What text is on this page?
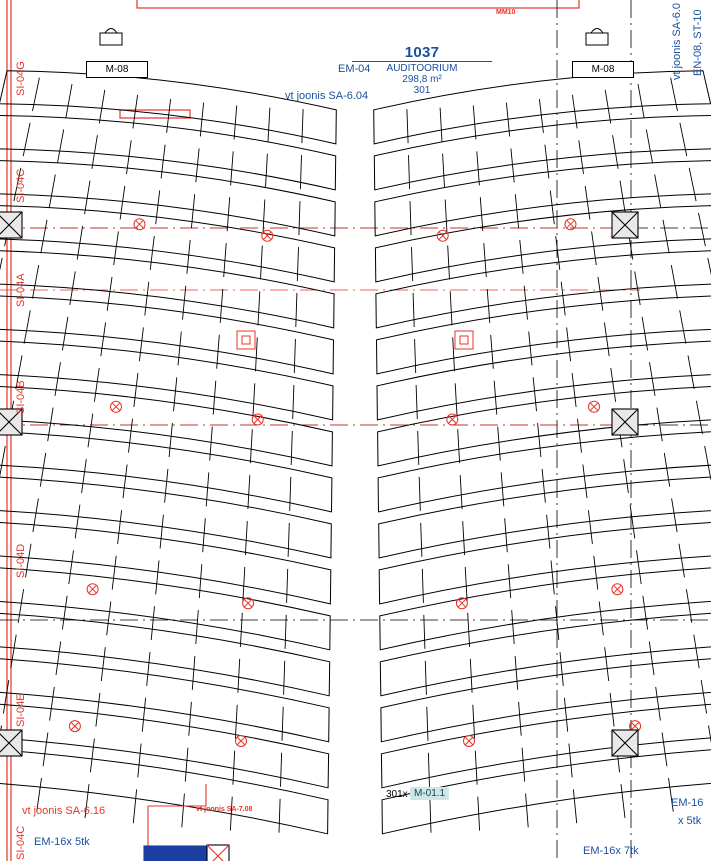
1037
AUDITOORIUM
298,8 m²
301
M-08	M-08
MM10
EM-04
vt joonis SA-6.04
vt joonis SA-6.16	vt joonis SA-7.08
EM-16x 5tk
EM-16x 7tk
EM-16
x 5tk
301x M-01.1
SI-04G
SI-04C
SI-04A
SI-04B
SI-04D
SI-04E
SI-04C
vt joonis SA-6.0 EN-08, ST-10
